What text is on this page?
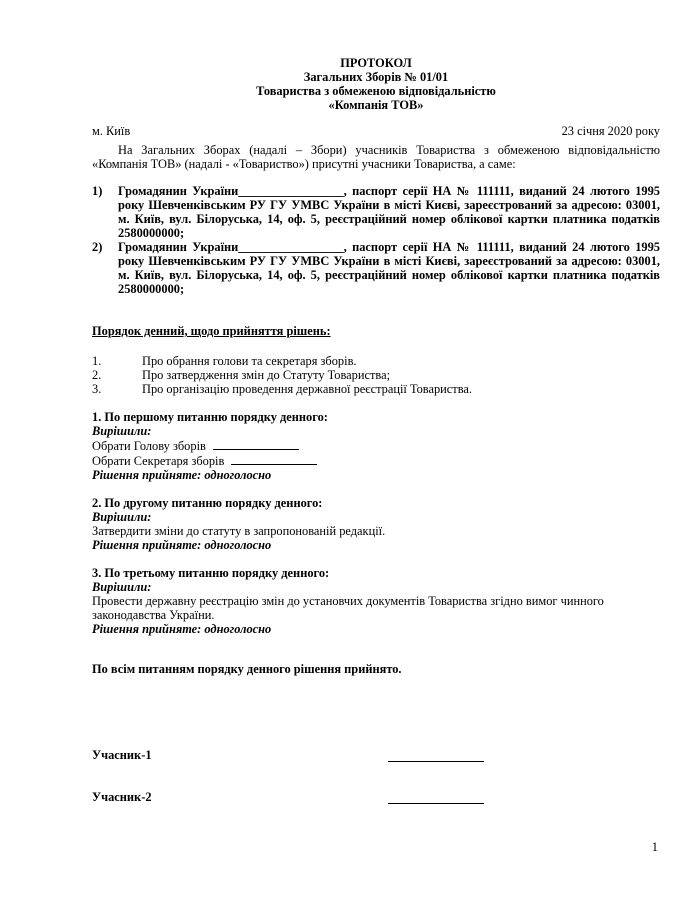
ПРОТОКОЛ
Загальних Зборів № 01/01
Товариства з обмеженою відповідальністю
«Компанія ТОВ»
м. Київ	23 січня 2020 року
На Загальних Зборах (надалі – Збори) учасників Товариства з обмеженою відповідальністю «Компанія ТОВ» (надалі - «Товариство») присутні учасники Товариства, а саме:
1)	Громадянин України_________________, паспорт серії НА № 111111, виданий 24 лютого 1995 року Шевченківським РУ ГУ УМВС України в місті Києві, зареєстрований за адресою: 03001, м. Київ, вул. Білоруська, 14, оф. 5, реєстраційний номер облікової картки платника податків 2580000000;
2)	Громадянин України_________________, паспорт серії НА № 111111, виданий 24 лютого 1995 року Шевченківським РУ ГУ УМВС України в місті Києві, зареєстрований за адресою: 03001, м. Київ, вул. Білоруська, 14, оф. 5, реєстраційний номер облікової картки платника податків 2580000000;
Порядок денний, щодо прийняття рішень:
1.	Про обрання голови та секретаря зборів.
2.	Про затвердження змін до Статуту Товариства;
3.	Про організацію проведення державної реєстрації Товариства.
1. По першому питанню порядку денного:
Вирішили:
Обрати Голову зборів
Обрати Секретаря зборів
Рішення прийняте: одноголосно
2. По другому питанню порядку денного:
Вирішили:
Затвердити зміни до статуту в запропонованій редакції.
Рішення прийняте: одноголосно
3. По третьому питанню порядку денного:
Вирішили:
Провести державну реєстрацію змін до установчих документів Товариства згідно вимог чинного законодавства України.
Рішення прийняте: одноголосно
По всім питанням порядку денного рішення прийнято.
Учасник-1
Учасник-2
1
